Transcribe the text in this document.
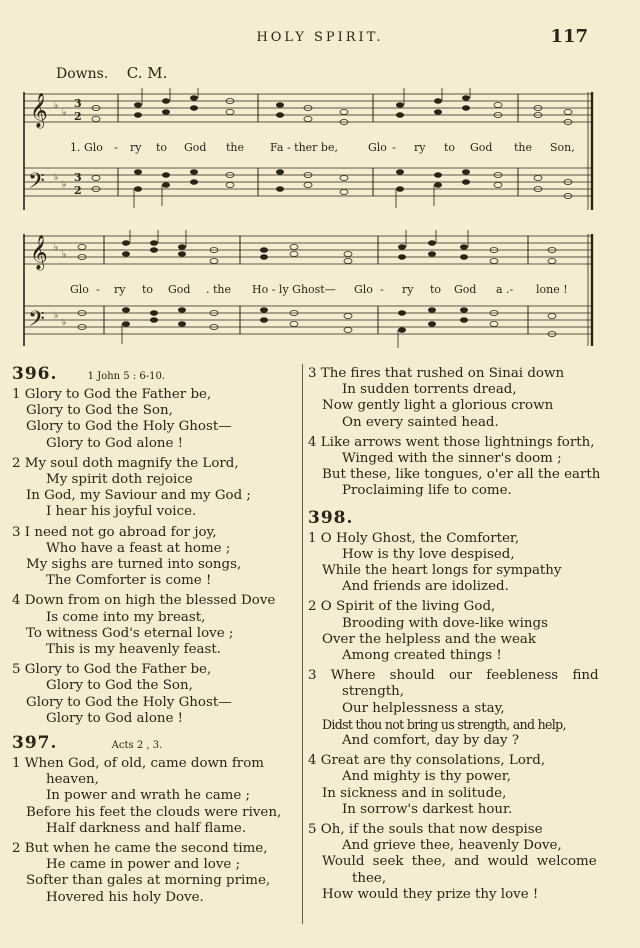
HOLY SPIRIT.	117
Downs. C. M.
𝄞 ♭
♭
3
2
𝄢 ♭
♭
3
2
1. Glo - ry to God the Fa - ther be,	Glo - ry to God the Son,
𝄞 ♭
♭
𝄢 ♭
♭
Glo - ry to God . the Ho - ly Ghost— Glo - ry to God a .- lone !
396.	1 John 5 : 6-10.
1 Glory to God the Father be,
Glory to God the Son,
Glory to God the Holy Ghost—
Glory to God alone !
2 My soul doth magnify the Lord,
My spirit doth rejoice
In God, my Saviour and my God ;
I hear his joyful voice.
3 I need not go abroad for joy,
Who have a feast at home ;
My sighs are turned into songs,
The Comforter is come !
4 Down from on high the blessed Dove
Is come into my breast,
To witness God's eternal love ;
This is my heavenly feast.
5 Glory to God the Father be,
Glory to God the Son,
Glory to God the Holy Ghost—
Glory to God alone !
397.	Acts 2 , 3.
1 When God, of old, came down from
heaven,
In power and wrath he came ;
Before his feet the clouds were riven,
Half darkness and half flame.
2 But when he came the second time,
He came in power and love ;
Softer than gales at morning prime,
Hovered his holy Dove.
3 The fires that rushed on Sinai down
In sudden torrents dread,
Now gently light a glorious crown
On every sainted head.
4 Like arrows went those lightnings forth,
Winged with the sinner's doom ;
But these, like tongues, o'er all the earth
Proclaiming life to come.
398.
1 O Holy Ghost, the Comforter,
How is thy love despised,
While the heart longs for sympathy
And friends are idolized.
2 O Spirit of the living God,
Brooding with dove-like wings
Over the helpless and the weak
Among created things !
3 Where should our feebleness find
strength,
Our helplessness a stay,
Didst thou not bring us strength, and help,
And comfort, day by day ?
4 Great are thy consolations, Lord,
And mighty is thy power,
In sickness and in solitude,
In sorrow's darkest hour.
5 Oh, if the souls that now despise
And grieve thee, heavenly Dove,
Would seek thee, and would welcome
thee,
How would they prize thy love !
